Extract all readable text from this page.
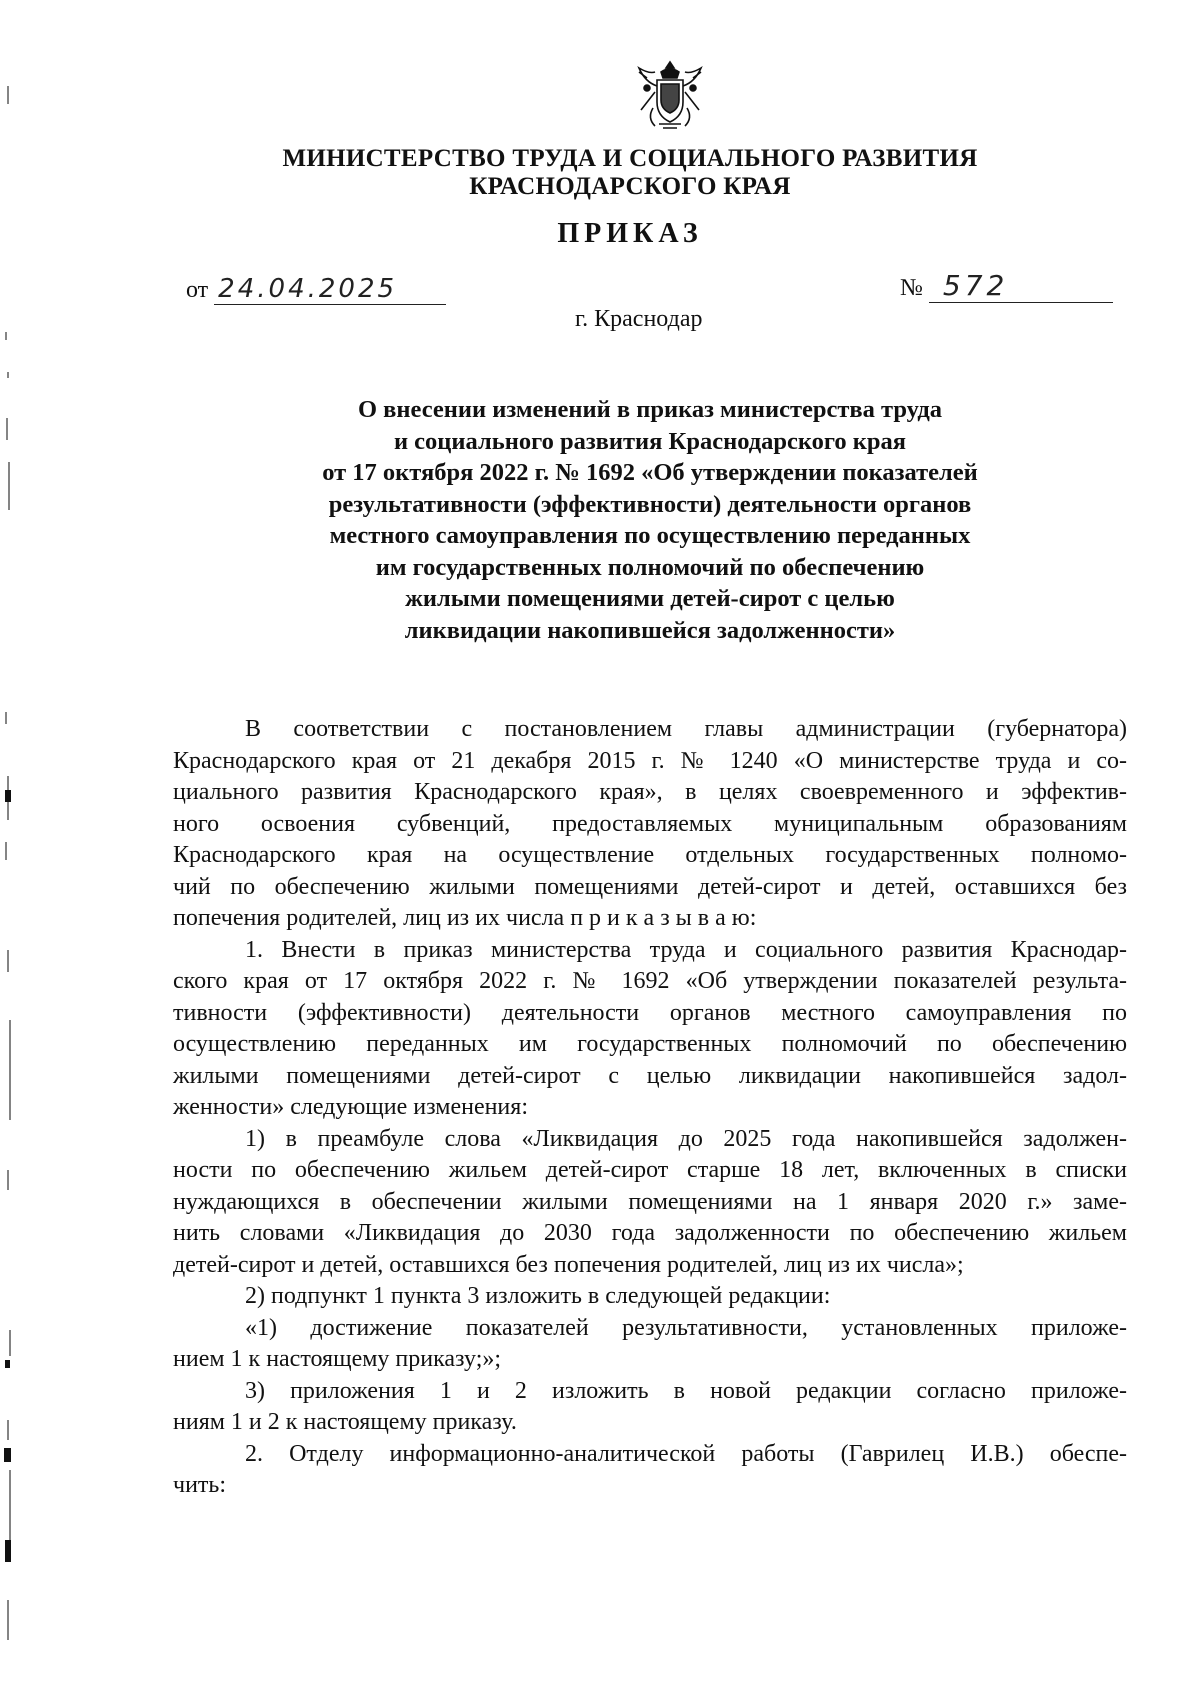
МИНИСТЕРСТВО ТРУДА И СОЦИАЛЬНОГО РАЗВИТИЯ
КРАСНОДАРСКОГО КРАЯ
ПРИКАЗ
от 24.04.2025	№ 572
г. Краснодар
О внесении изменений в приказ министерства труда
и социального развития Краснодарского края
от 17 октября 2022 г. № 1692 «Об утверждении показателей
результативности (эффективности) деятельности органов
местного самоуправления по осуществлению переданных
им государственных полномочий по обеспечению
жилыми помещениями детей-сирот с целью
ликвидации накопившейся задолженности»
В соответствии с постановлением главы администрации (губернатора)
Краснодарского края от 21 декабря 2015 г. № 1240 «О министерстве труда и со-
циального развития Краснодарского края», в целях своевременного и эффектив-
ного освоения субвенций, предоставляемых муниципальным образованиям
Краснодарского края на осуществление отдельных государственных полномо-
чий по обеспечению жилыми помещениями детей-сирот и детей, оставшихся без
попечения родителей, лиц из их числа п р и к а з ы в а ю:
1. Внести в приказ министерства труда и социального развития Краснодар-
ского края от 17 октября 2022 г. № 1692 «Об утверждении показателей результа-
тивности (эффективности) деятельности органов местного самоуправления по
осуществлению переданных им государственных полномочий по обеспечению
жилыми помещениями детей-сирот с целью ликвидации накопившейся задол-
женности» следующие изменения:
1) в преамбуле слова «Ликвидация до 2025 года накопившейся задолжен-
ности по обеспечению жильем детей-сирот старше 18 лет, включенных в списки
нуждающихся в обеспечении жилыми помещениями на 1 января 2020 г.» заме-
нить словами «Ликвидация до 2030 года задолженности по обеспечению жильем
детей-сирот и детей, оставшихся без попечения родителей, лиц из их числа»;
2) подпункт 1 пункта 3 изложить в следующей редакции:
«1) достижение показателей результативности, установленных приложе-
нием 1 к настоящему приказу;»;
3) приложения 1 и 2 изложить в новой редакции согласно приложе-
ниям 1 и 2 к настоящему приказу.
2. Отделу информационно-аналитической работы (Гаврилец И.В.) обеспе-
чить:
